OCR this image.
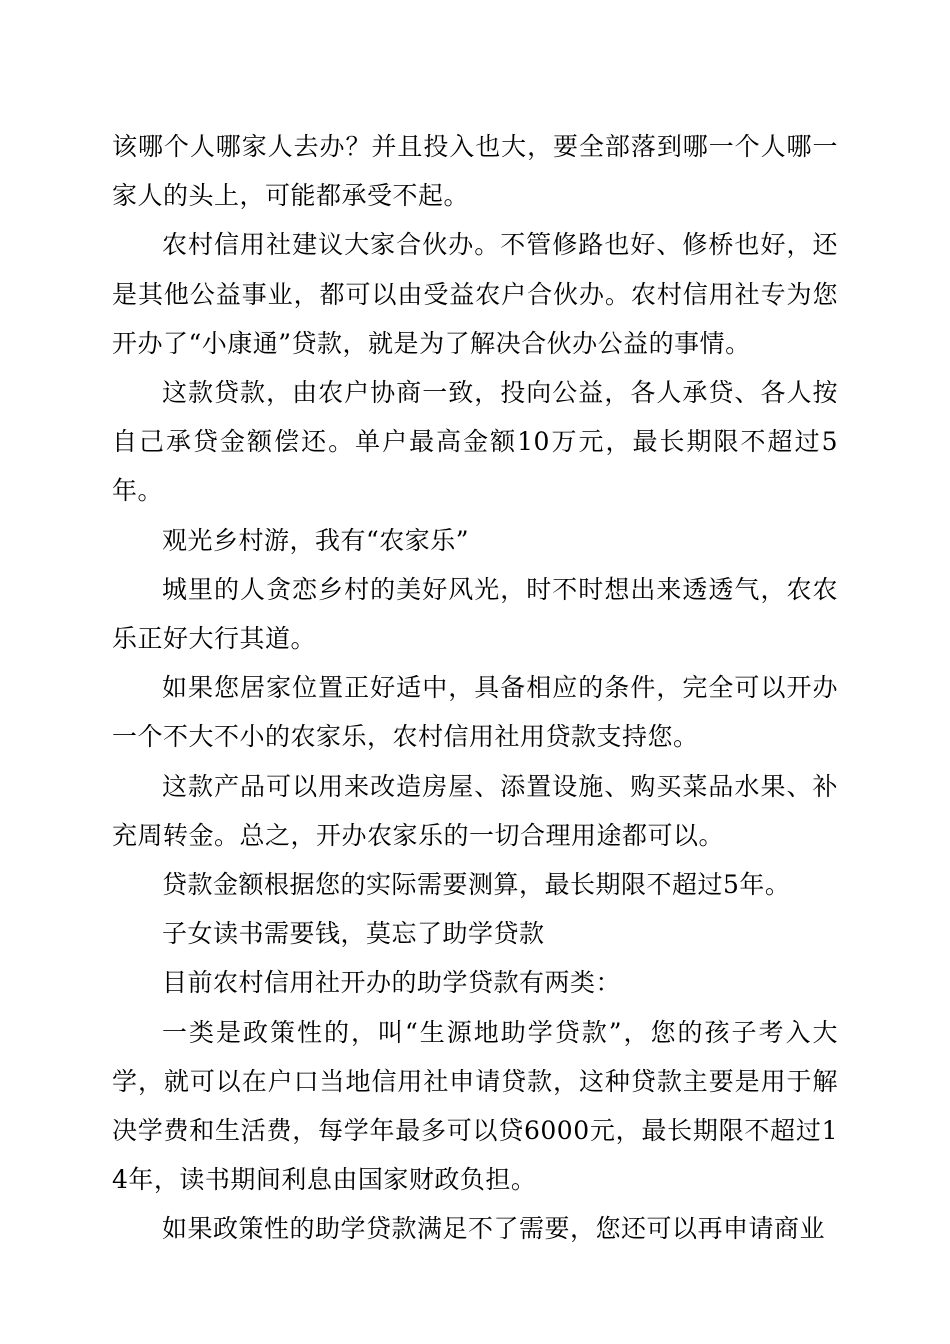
该哪个人哪家人去办？并且投入也大，要全部落到哪一个人哪一家人的头上，可能都承受不起。

农村信用社建议大家合伙办。不管修路也好、修桥也好，还是其他公益事业，都可以由受益农户合伙办。农村信用社专为您开办了“小康通”贷款，就是为了解决合伙办公益的事情。

这款贷款，由农户协商一致，投向公益，各人承贷、各人按自己承贷金额偿还。单户最高金额10万元，最长期限不超过5年。

观光乡村游，我有“农家乐”

城里的人贪恋乡村的美好风光，时不时想出来透透气，农农乐正好大行其道。

如果您居家位置正好适中，具备相应的条件，完全可以开办一个不大不小的农家乐，农村信用社用贷款支持您。

这款产品可以用来改造房屋、添置设施、购买菜品水果、补充周转金。总之，开办农家乐的一切合理用途都可以。

贷款金额根据您的实际需要测算，最长期限不超过5年。

子女读书需要钱，莫忘了助学贷款

目前农村信用社开办的助学贷款有两类：

一类是政策性的，叫“生源地助学贷款”，您的孩子考入大学，就可以在户口当地信用社申请贷款，这种贷款主要是用于解决学费和生活费，每学年最多可以贷6000元，最长期限不超过14年，读书期间利息由国家财政负担。

如果政策性的助学贷款满足不了需要，您还可以再申请商业
